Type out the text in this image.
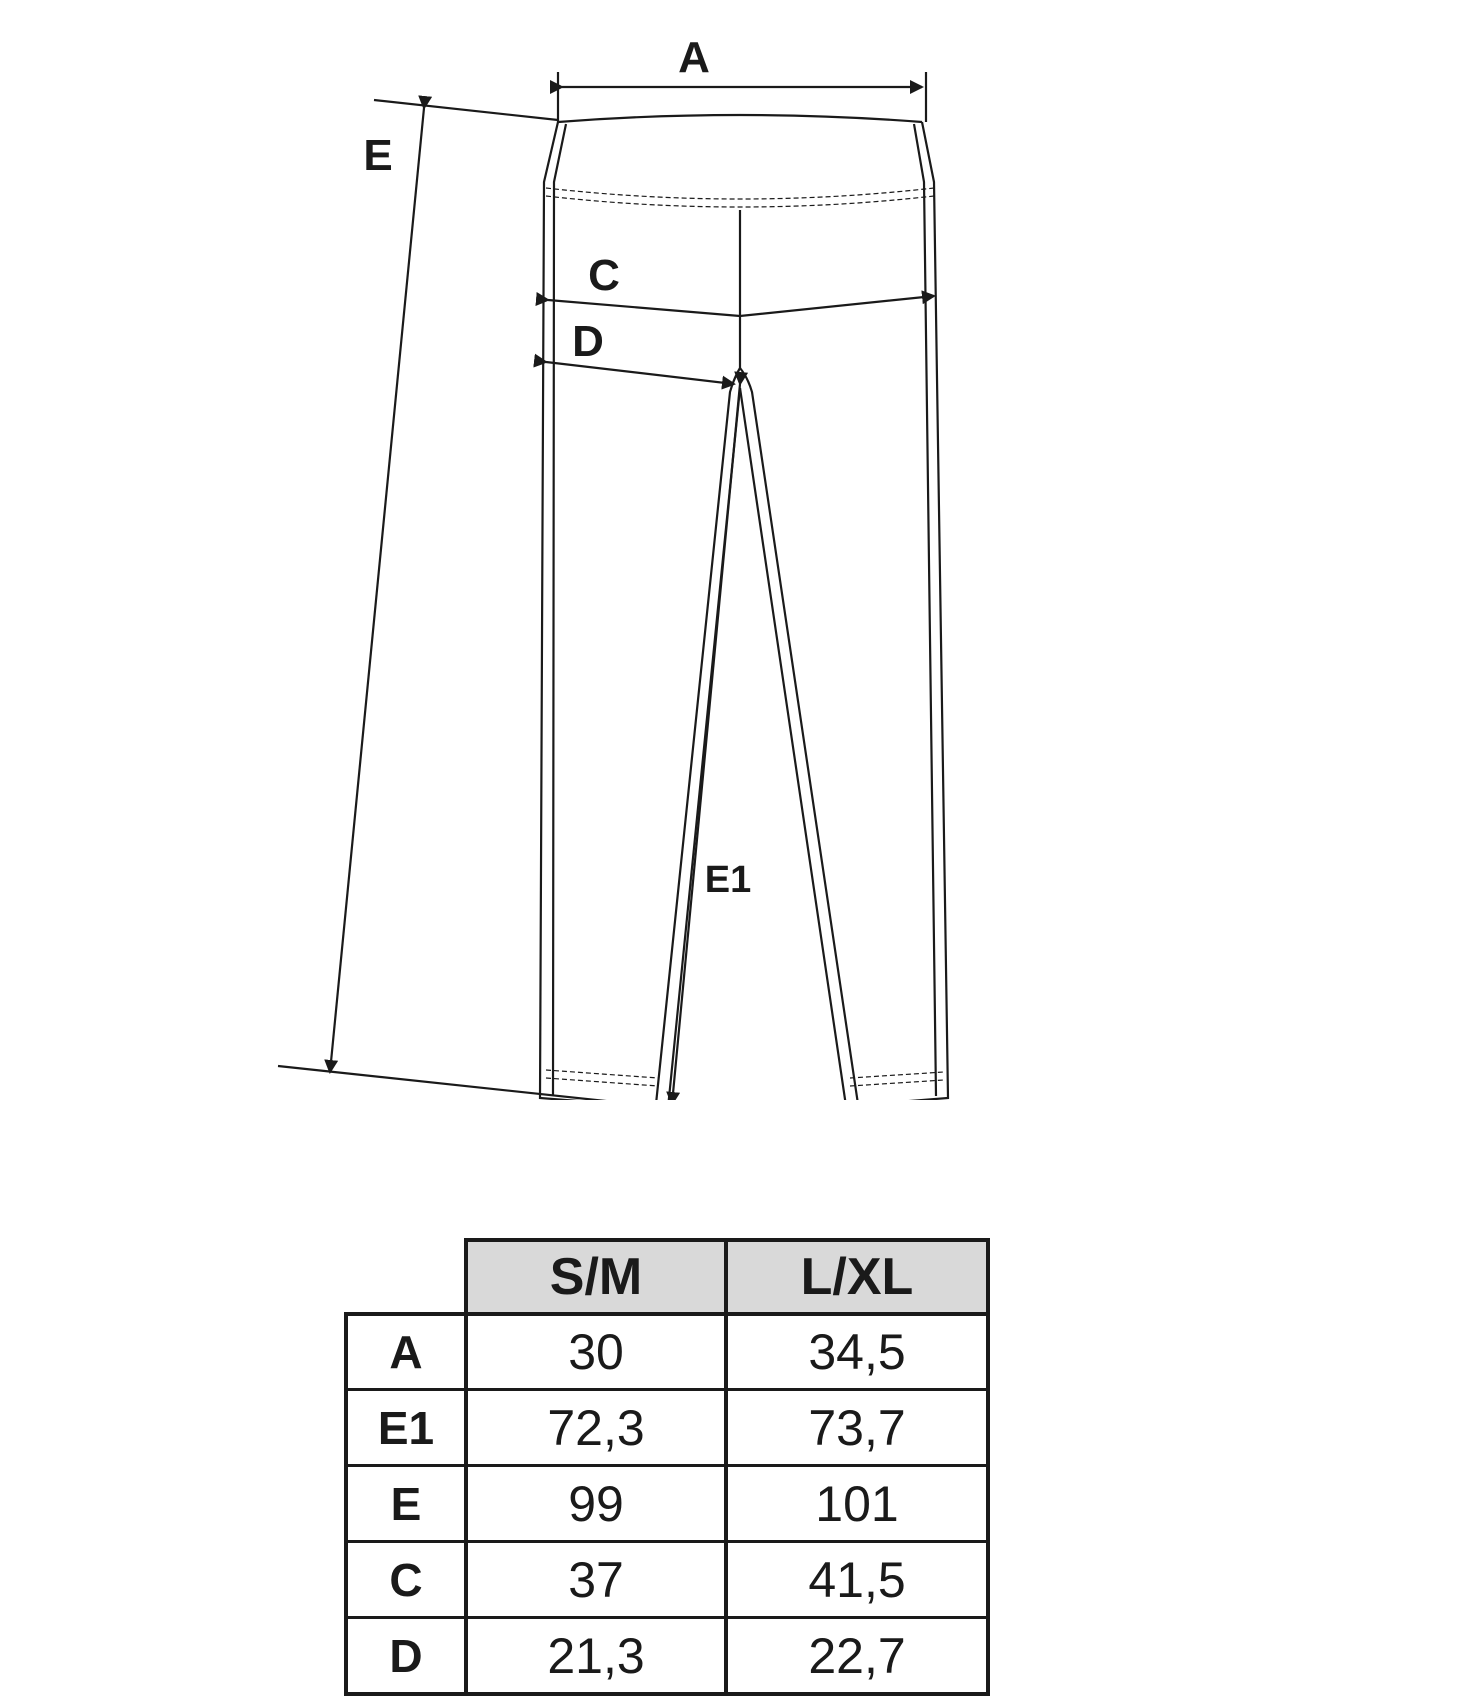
A
E
C
D
E1
S/M	L/XL
A	30	34,5
E1	72,3	73,7
E	99	101
C	37	41,5
D	21,3	22,7
